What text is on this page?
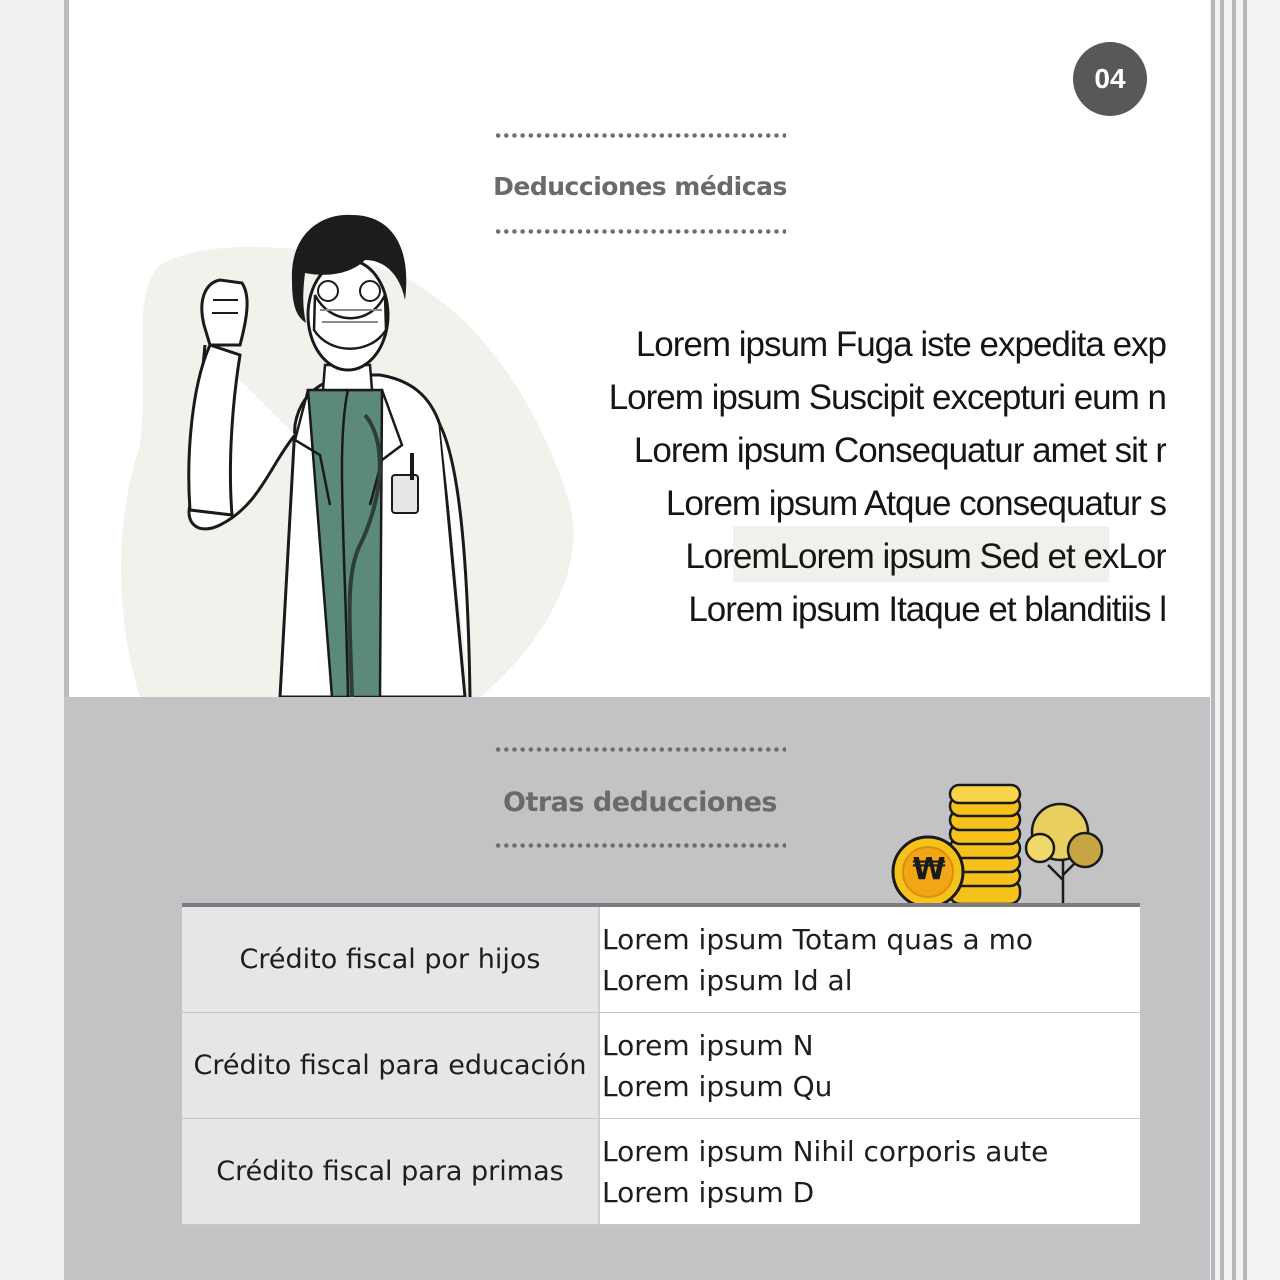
04
Deducciones médicas
Lorem ipsum Fuga iste expedita exp
Lorem ipsum Suscipit excepturi eum n
Lorem ipsum Consequatur amet sit r
Lorem ipsum Atque consequatur s
LoremLorem ipsum Sed et exLor
Lorem ipsum Itaque et blanditiis l
Otras deducciones
₩
Crédito fiscal por hijos
Lorem ipsum Totam quas a mo
Lorem ipsum Id al
Crédito fiscal para educación
Lorem ipsum N
Lorem ipsum Qu
Crédito fiscal para primas
Lorem ipsum Nihil corporis aute
Lorem ipsum D
